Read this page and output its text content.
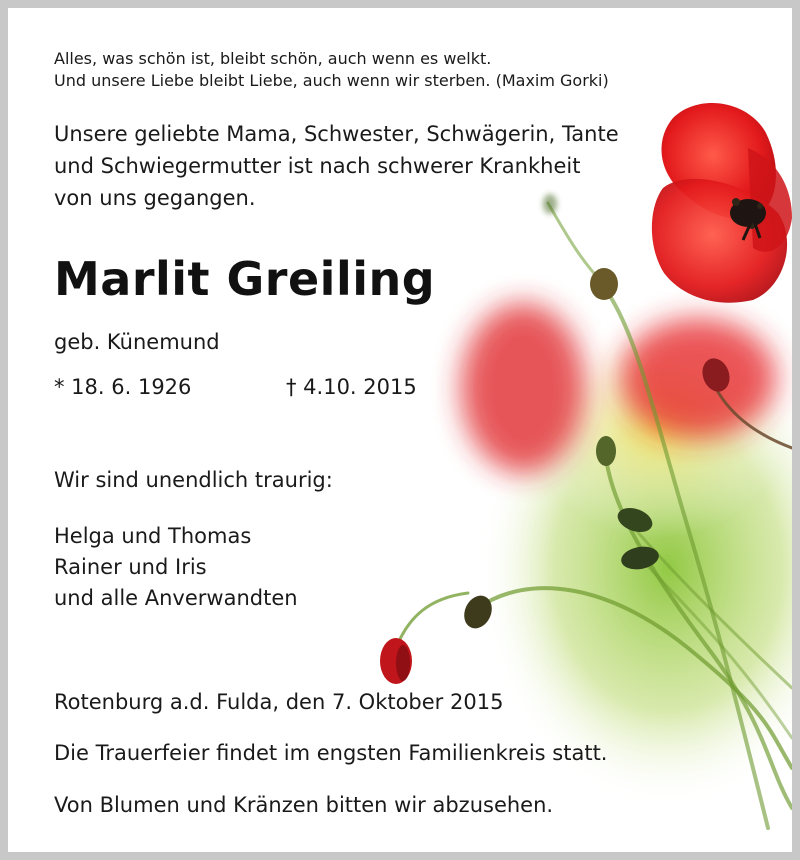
Alles, was schön ist, bleibt schön, auch wenn es welkt.
Und unsere Liebe bleibt Liebe, auch wenn wir sterben. (Maxim Gorki)
Unsere geliebte Mama, Schwester, Schwägerin, Tante
und Schwiegermutter ist nach schwerer Krankheit
von uns gegangen.
Marlit Greiling
geb. Künemund
* 18. 6. 1926	† 4.10. 2015
Wir sind unendlich traurig:
Helga und Thomas
Rainer und Iris
und alle Anverwandten
Rotenburg a.d. Fulda, den 7. Oktober 2015
Die Trauerfeier findet im engsten Familienkreis statt.
Von Blumen und Kränzen bitten wir abzusehen.
